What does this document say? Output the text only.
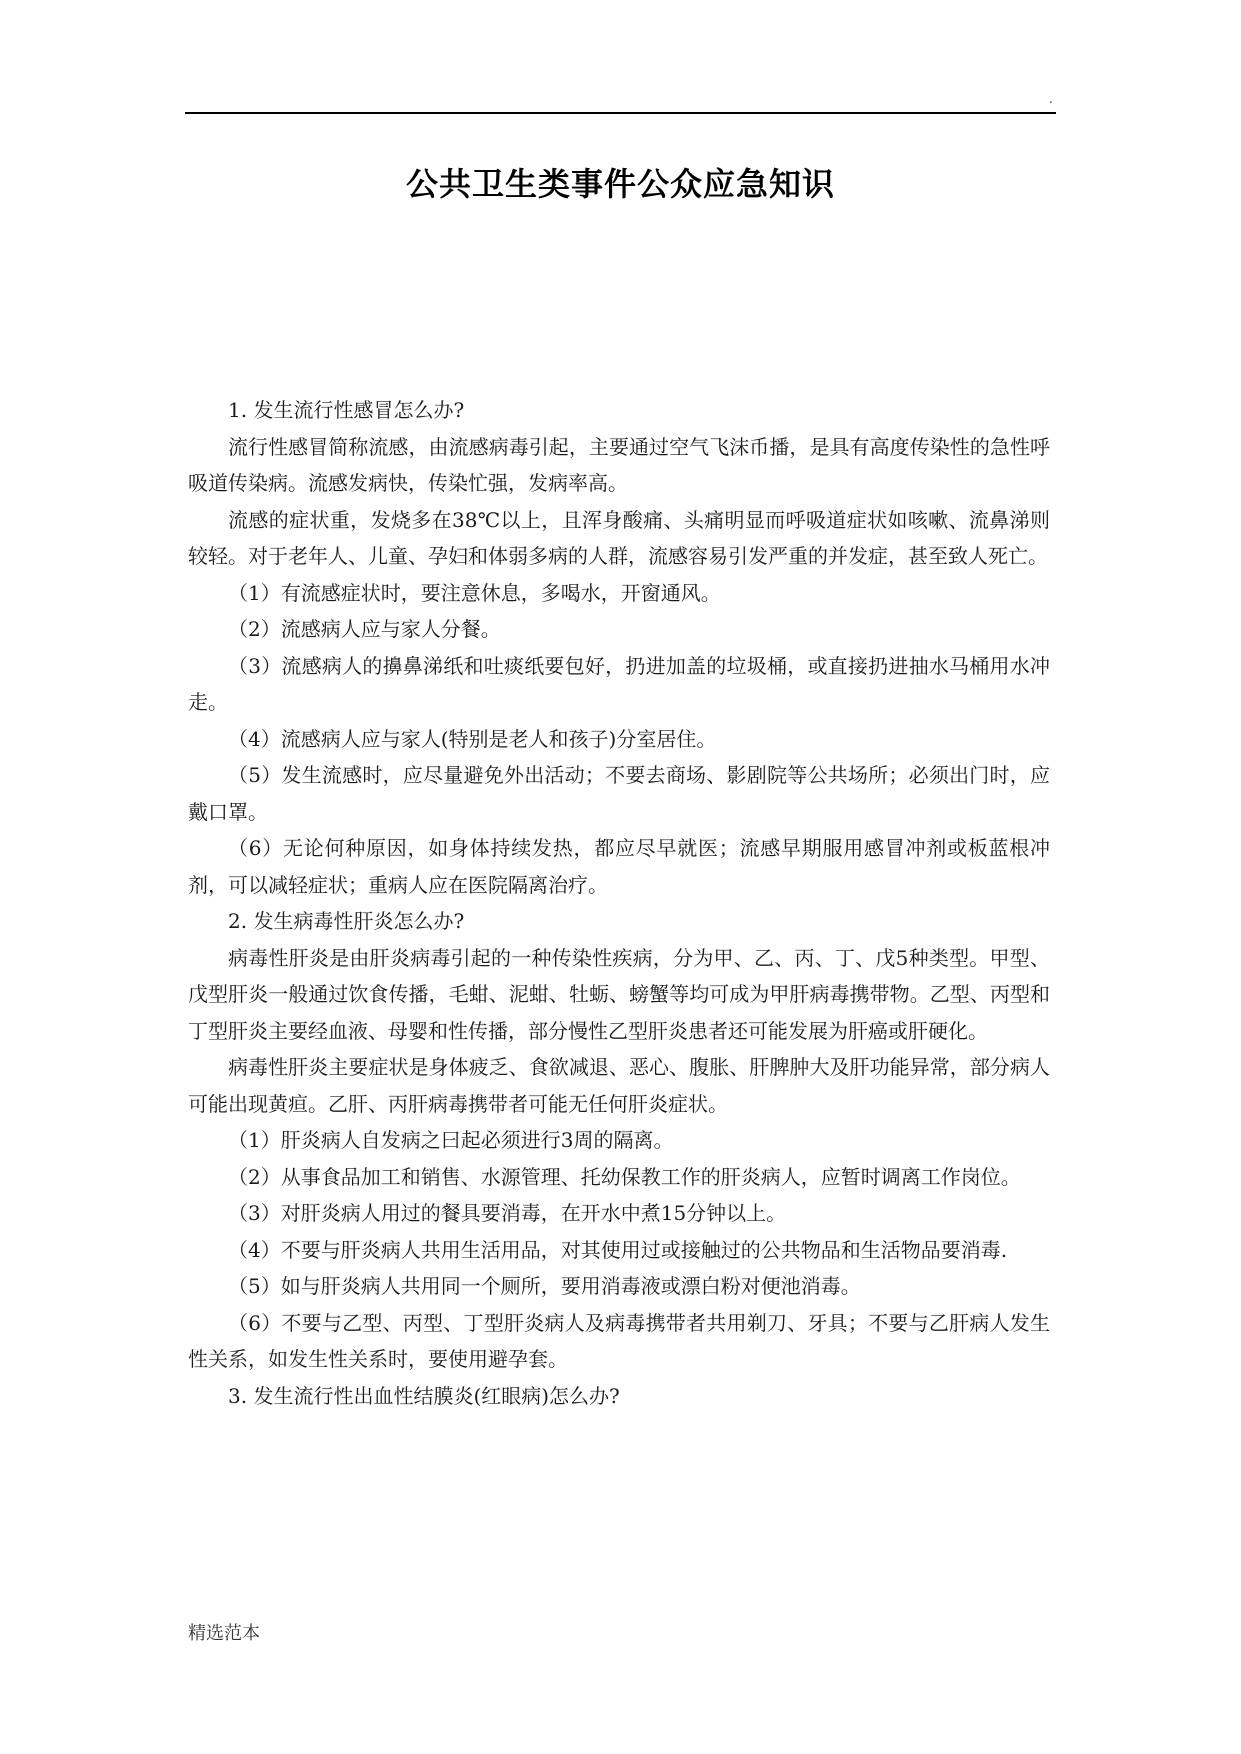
.
公共卫生类事件公众应急知识

1. 发生流行性感冒怎么办?

流行性感冒简称流感，由流感病毒引起，主要通过空气飞沫币播，是具有高度传染性的急性呼吸道传染病。流感发病快，传染忙强，发病率高。

流感的症状重，发烧多在38℃以上，且浑身酸痛、头痛明显而呼吸道症状如咳嗽、流鼻涕则较轻。对于老年人、儿童、孕妇和体弱多病的人群，流感容易引发严重的并发症，甚至致人死亡。

（1）有流感症状时，要注意休息，多喝水，开窗通风。

（2）流感病人应与家人分餐。

（3）流感病人的擤鼻涕纸和吐痰纸要包好，扔进加盖的垃圾桶，或直接扔进抽水马桶用水冲走。

（4）流感病人应与家人(特别是老人和孩子)分室居住。

（5）发生流感时，应尽量避免外出活动；不要去商场、影剧院等公共场所；必须出门时，应戴口罩。

（6）无论何种原因，如身体持续发热，都应尽早就医；流感早期服用感冒冲剂或板蓝根冲剂，可以减轻症状；重病人应在医院隔离治疗。

2. 发生病毒性肝炎怎么办?

病毒性肝炎是由肝炎病毒引起的一种传染性疾病，分为甲、乙、丙、丁、戊5种类型。甲型、戊型肝炎一般通过饮食传播，毛蚶、泥蚶、牡蛎、螃蟹等均可成为甲肝病毒携带物。乙型、丙型和丁型肝炎主要经血液、母婴和性传播，部分慢性乙型肝炎患者还可能发展为肝癌或肝硬化。

病毒性肝炎主要症状是身体疲乏、食欲减退、恶心、腹胀、肝脾肿大及肝功能异常，部分病人可能出现黄疸。乙肝、丙肝病毒携带者可能无任何肝炎症状。

（1）肝炎病人自发病之曰起必须进行3周的隔离。

（2）从事食品加工和销售、水源管理、托幼保教工作的肝炎病人，应暂时调离工作岗位。

（3）对肝炎病人用过的餐具要消毒，在开水中煮15分钟以上。

（4）不要与肝炎病人共用生活用品，对其使用过或接触过的公共物品和生活物品要消毒.

（5）如与肝炎病人共用同一个厕所，要用消毒液或漂白粉对便池消毒。

（6）不要与乙型、丙型、丁型肝炎病人及病毒携带者共用剃刀、牙具；不要与乙肝病人发生性关系，如发生性关系时，要使用避孕套。

3. 发生流行性出血性结膜炎(红眼病)怎么办?

精选范本
